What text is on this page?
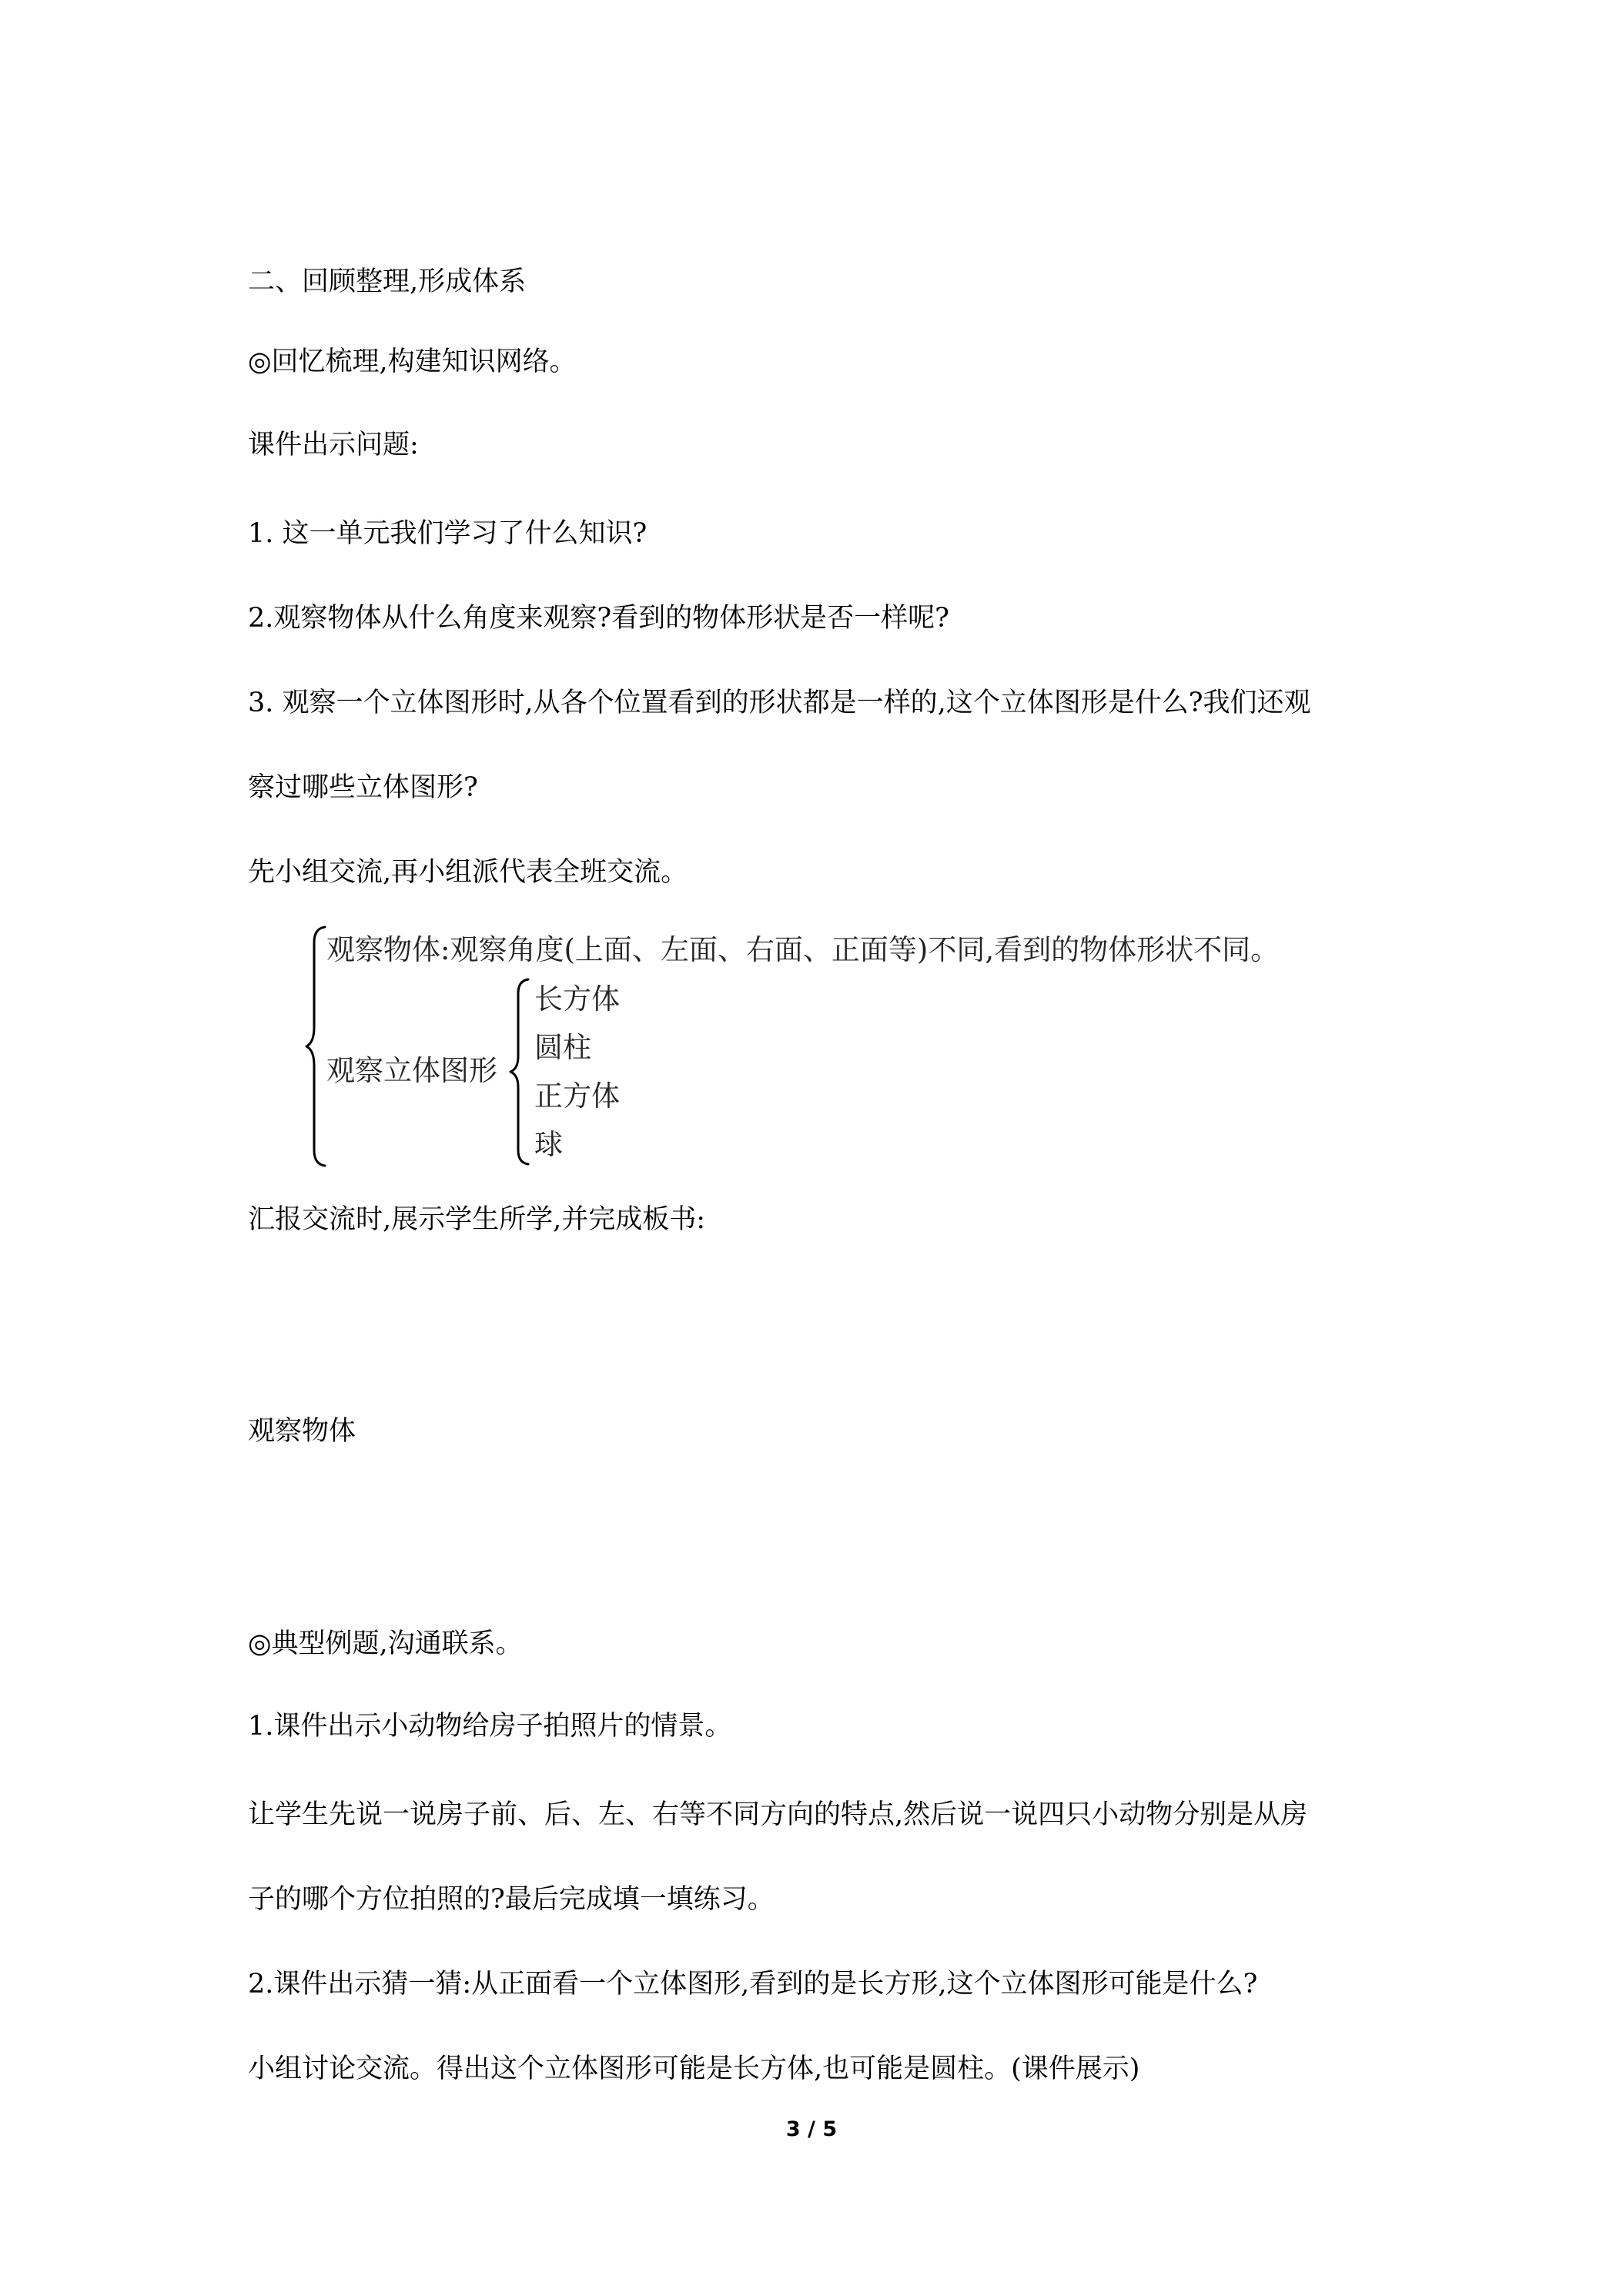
二、回顾整理,形成体系
◎回忆梳理,构建知识网络。
课件出示问题:
1. 这一单元我们学习了什么知识?
2.观察物体从什么角度来观察?看到的物体形状是否一样呢?
3. 观察一个立体图形时,从各个位置看到的形状都是一样的,这个立体图形是什么?我们还观
察过哪些立体图形?
先小组交流,再小组派代表全班交流。
观察物体:观察角度(上面、左面、右面、正面等)不同,看到的物体形状不同。
观察立体图形
长方体
圆柱
正方体
球
汇报交流时,展示学生所学,并完成板书:
观察物体
◎典型例题,沟通联系。
1.课件出示小动物给房子拍照片的情景。
让学生先说一说房子前、后、左、右等不同方向的特点,然后说一说四只小动物分别是从房
子的哪个方位拍照的?最后完成填一填练习。
2.课件出示猜一猜:从正面看一个立体图形,看到的是长方形,这个立体图形可能是什么?
小组讨论交流。得出这个立体图形可能是长方体,也可能是圆柱。(课件展示)
3 / 5
